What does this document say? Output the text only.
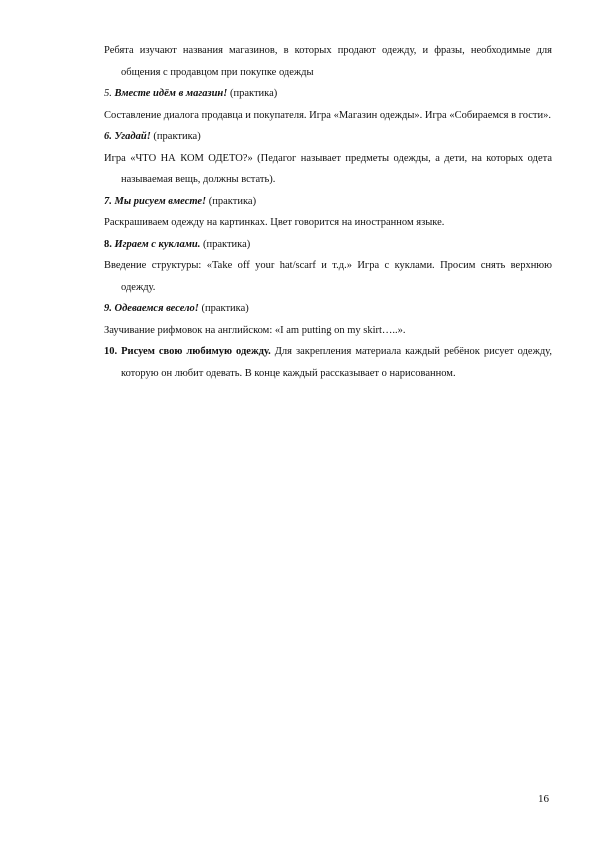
Ребята изучают названия магазинов, в которых продают одежду, и фразы, необходимые для общения с продавцом при покупке одежды

5. Вместе идём в магазин! (практика)

Составление диалога продавца и покупателя. Игра «Магазин одежды». Игра «Собираемся в гости».

6. Угадай! (практика)

Игра «ЧТО НА КОМ ОДЕТО?» (Педагог называет предметы одежды, а дети, на которых одета называемая вещь, должны встать).

7. Мы рисуем вместе! (практика)

Раскрашиваем одежду на картинках. Цвет говорится на иностранном языке.

8. Играем с куклами. (практика)

Введение структуры: «Take off your hat/scarf и т.д.» Игра с куклами. Просим снять верхнюю одежду.

9. Одеваемся весело! (практика)

Заучивание рифмовок на английском: «I am putting on my skirt…..».

10. Рисуем свою любимую одежду. Для закрепления материала каждый ребёнок рисует одежду, которую он любит одевать. В конце каждый рассказывает о нарисованном.

16
